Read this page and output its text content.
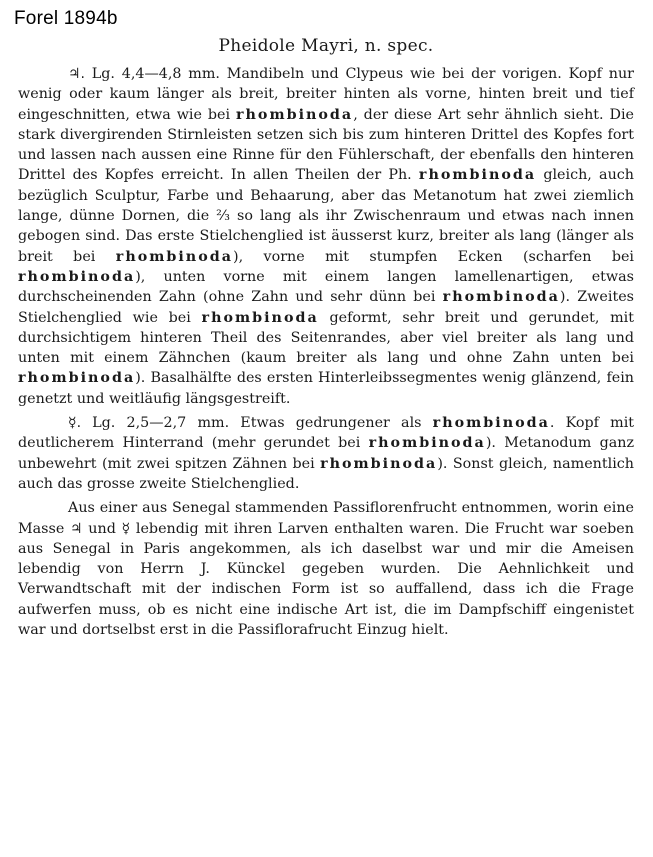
Forel 1894b
Pheidole Mayri, n. spec.

♃. Lg. 4,4—4,8 mm. Mandibeln und Clypeus wie bei der vorigen. Kopf nur wenig oder kaum länger als breit, breiter hinten als vorne, hinten breit und tief eingeschnitten, etwa wie bei rhombinoda, der diese Art sehr ähnlich sieht. Die stark divergirenden Stirnleisten setzen sich bis zum hinteren Drittel des Kopfes fort und lassen nach aussen eine Rinne für den Fühlerschaft, der ebenfalls den hinteren Drittel des Kopfes erreicht. In allen Theilen der Ph. rhombinoda gleich, auch bezüglich Sculptur, Farbe und Behaarung, aber das Metanotum hat zwei ziemlich lange, dünne Dornen, die ⅔ so lang als ihr Zwischenraum und etwas nach innen gebogen sind. Das erste Stielchenglied ist äusserst kurz, breiter als lang (länger als breit bei rhombinoda), vorne mit stumpfen Ecken (scharfen bei rhombinoda), unten vorne mit einem langen lamellenartigen, etwas durchscheinenden Zahn (ohne Zahn und sehr dünn bei rhombinoda). Zweites Stielchenglied wie bei rhombinoda geformt, sehr breit und gerundet, mit durchsichtigem hinteren Theil des Seitenrandes, aber viel breiter als lang und unten mit einem Zähnchen (kaum breiter als lang und ohne Zahn unten bei rhombinoda). Basalhälfte des ersten Hinterleibssegmentes wenig glänzend, fein genetzt und weitläufig längsgestreift.

☿. Lg. 2,5—2,7 mm. Etwas gedrungener als rhombinoda. Kopf mit deutlicherem Hinterrand (mehr gerundet bei rhombinoda). Metanodum ganz unbewehrt (mit zwei spitzen Zähnen bei rhombinoda). Sonst gleich, namentlich auch das grosse zweite Stielchenglied.

Aus einer aus Senegal stammenden Passiflorenfrucht entnommen, worin eine Masse ♃ und ☿ lebendig mit ihren Larven enthalten waren. Die Frucht war soeben aus Senegal in Paris angekommen, als ich daselbst war und mir die Ameisen lebendig von Herrn J. Künckel gegeben wurden. Die Aehnlichkeit und Verwandtschaft mit der indischen Form ist so auffallend, dass ich die Frage aufwerfen muss, ob es nicht eine indische Art ist, die im Dampfschiff eingenistet war und dortselbst erst in die Passiflorafrucht Einzug hielt.
